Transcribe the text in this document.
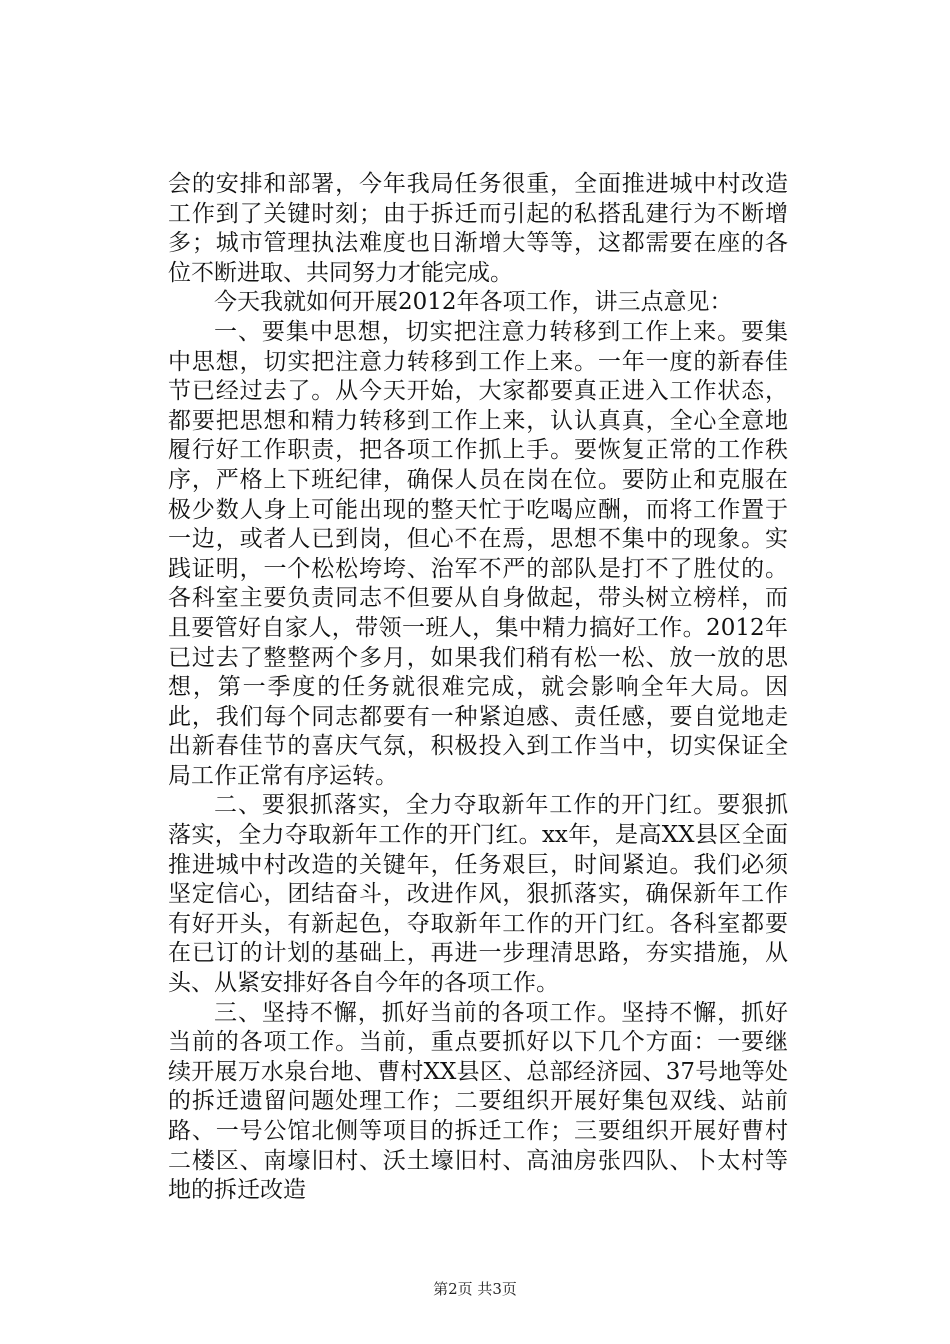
会的安排和部署，今年我局任务很重，全面推进城中村改造工作到了关键时刻；由于拆迁而引起的私搭乱建行为不断增多；城市管理执法难度也日渐增大等等，这都需要在座的各位不断进取、共同努力才能完成。

今天我就如何开展2012年各项工作，讲三点意见：

一、要集中思想，切实把注意力转移到工作上来。要集中思想，切实把注意力转移到工作上来。一年一度的新春佳节已经过去了。从今天开始，大家都要真正进入工作状态，都要把思想和精力转移到工作上来，认认真真，全心全意地履行好工作职责，把各项工作抓上手。要恢复正常的工作秩序，严格上下班纪律，确保人员在岗在位。要防止和克服在极少数人身上可能出现的整天忙于吃喝应酬，而将工作置于一边，或者人已到岗，但心不在焉，思想不集中的现象。实践证明，一个松松垮垮、治军不严的部队是打不了胜仗的。各科室主要负责同志不但要从自身做起，带头树立榜样，而且要管好自家人，带领一班人，集中精力搞好工作。2012年已过去了整整两个多月，如果我们稍有松一松、放一放的思想，第一季度的任务就很难完成，就会影响全年大局。因此，我们每个同志都要有一种紧迫感、责任感，要自觉地走出新春佳节的喜庆气氛，积极投入到工作当中，切实保证全局工作正常有序运转。

二、要狠抓落实，全力夺取新年工作的开门红。要狠抓落实，全力夺取新年工作的开门红。xx年，是高XX县区全面推进城中村改造的关键年，任务艰巨，时间紧迫。我们必须坚定信心，团结奋斗，改进作风，狠抓落实，确保新年工作有好开头，有新起色，夺取新年工作的开门红。各科室都要在已订的计划的基础上，再进一步理清思路，夯实措施，从头、从紧安排好各自今年的各项工作。

三、坚持不懈，抓好当前的各项工作。坚持不懈，抓好当前的各项工作。当前，重点要抓好以下几个方面：一要继续开展万水泉台地、曹村XX县区、总部经济园、37号地等处的拆迁遗留问题处理工作；二要组织开展好集包双线、站前路、一号公馆北侧等项目的拆迁工作；三要组织开展好曹村二楼区、南壕旧村、沃土壕旧村、高油房张四队、卜太村等地的拆迁改造

第2页 共3页
